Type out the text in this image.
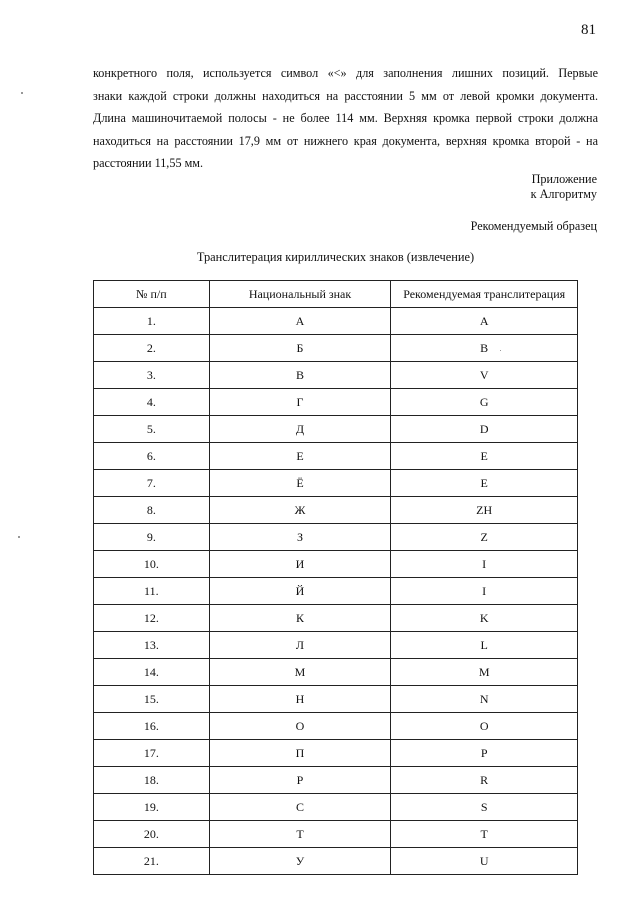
81
конкретного поля, используется символ «<» для заполнения лишних позиций. Первые
знаки каждой строки должны находиться на расстоянии 5 мм от левой кромки документа.
Длина машиночитаемой полосы - не более 114 мм. Верхняя кромка первой строки должна
находиться на расстоянии 17,9 мм от нижнего края документа, верхняя кромка второй - на
расстоянии 11,55 мм.
Приложение
к Алгоритму
Рекомендуемый образец
Транслитерация кириллических знаков (извлечение)
№ п/п	Национальный знак	Рекомендуемая транслитерация
1.	А	A
2.	Б	B
3.	В	V
4.	Г	G
5.	Д	D
6.	Е	E
7.	Ё	E
8.	Ж	ZH
9.	З	Z
10.	И	I
11.	Й	I
12.	К	K
13.	Л	L
14.	М	M
15.	Н	N
16.	О	O
17.	П	P
18.	Р	R
19.	С	S
20.	Т	T
21.	У	U
